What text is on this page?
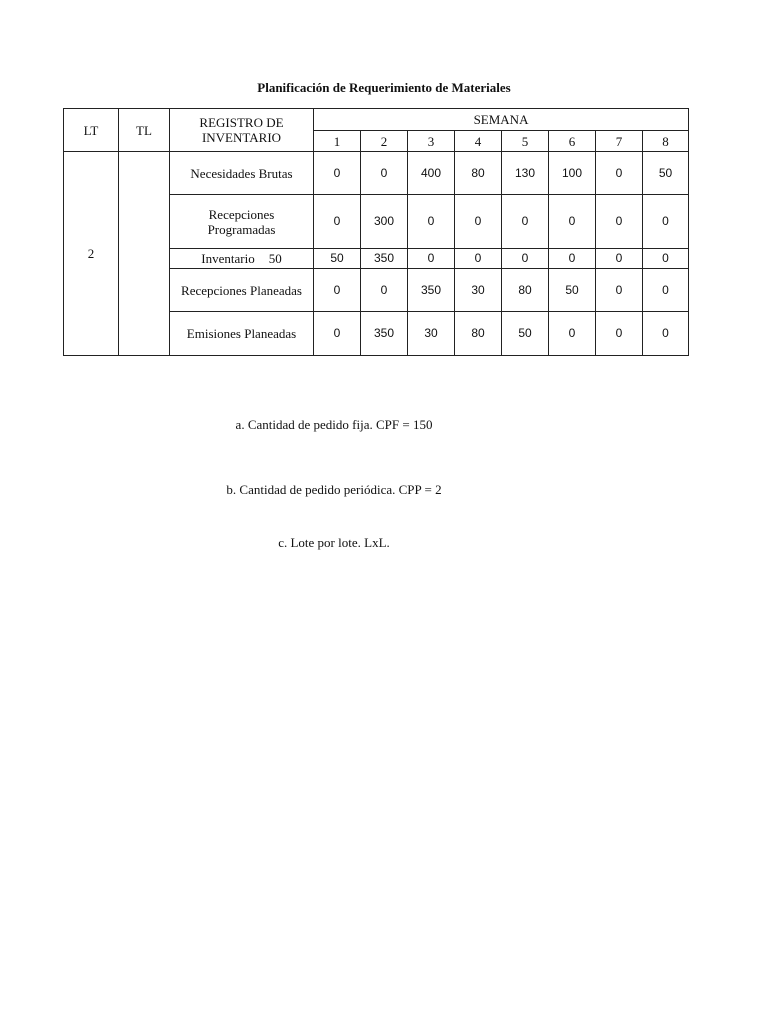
Planificación de Requerimiento de Materiales
LT	TL	REGISTRO DE INVENTARIO	SEMANA							
			1	2	3	4	5	6	7	8
2		Necesidades Brutas	0	0	400	80	130	100	0	50
		Recepciones Programadas	0	300	0	0	0	0	0	0
		Inventario 50	50	350	0	0	0	0	0	0
		Recepciones Planeadas	0	0	350	30	80	50	0	0
		Emisiones Planeadas	0	350	30	80	50	0	0	0
a. Cantidad de pedido fija. CPF = 150
b. Cantidad de pedido periódica. CPP = 2
c. Lote por lote. LxL.
